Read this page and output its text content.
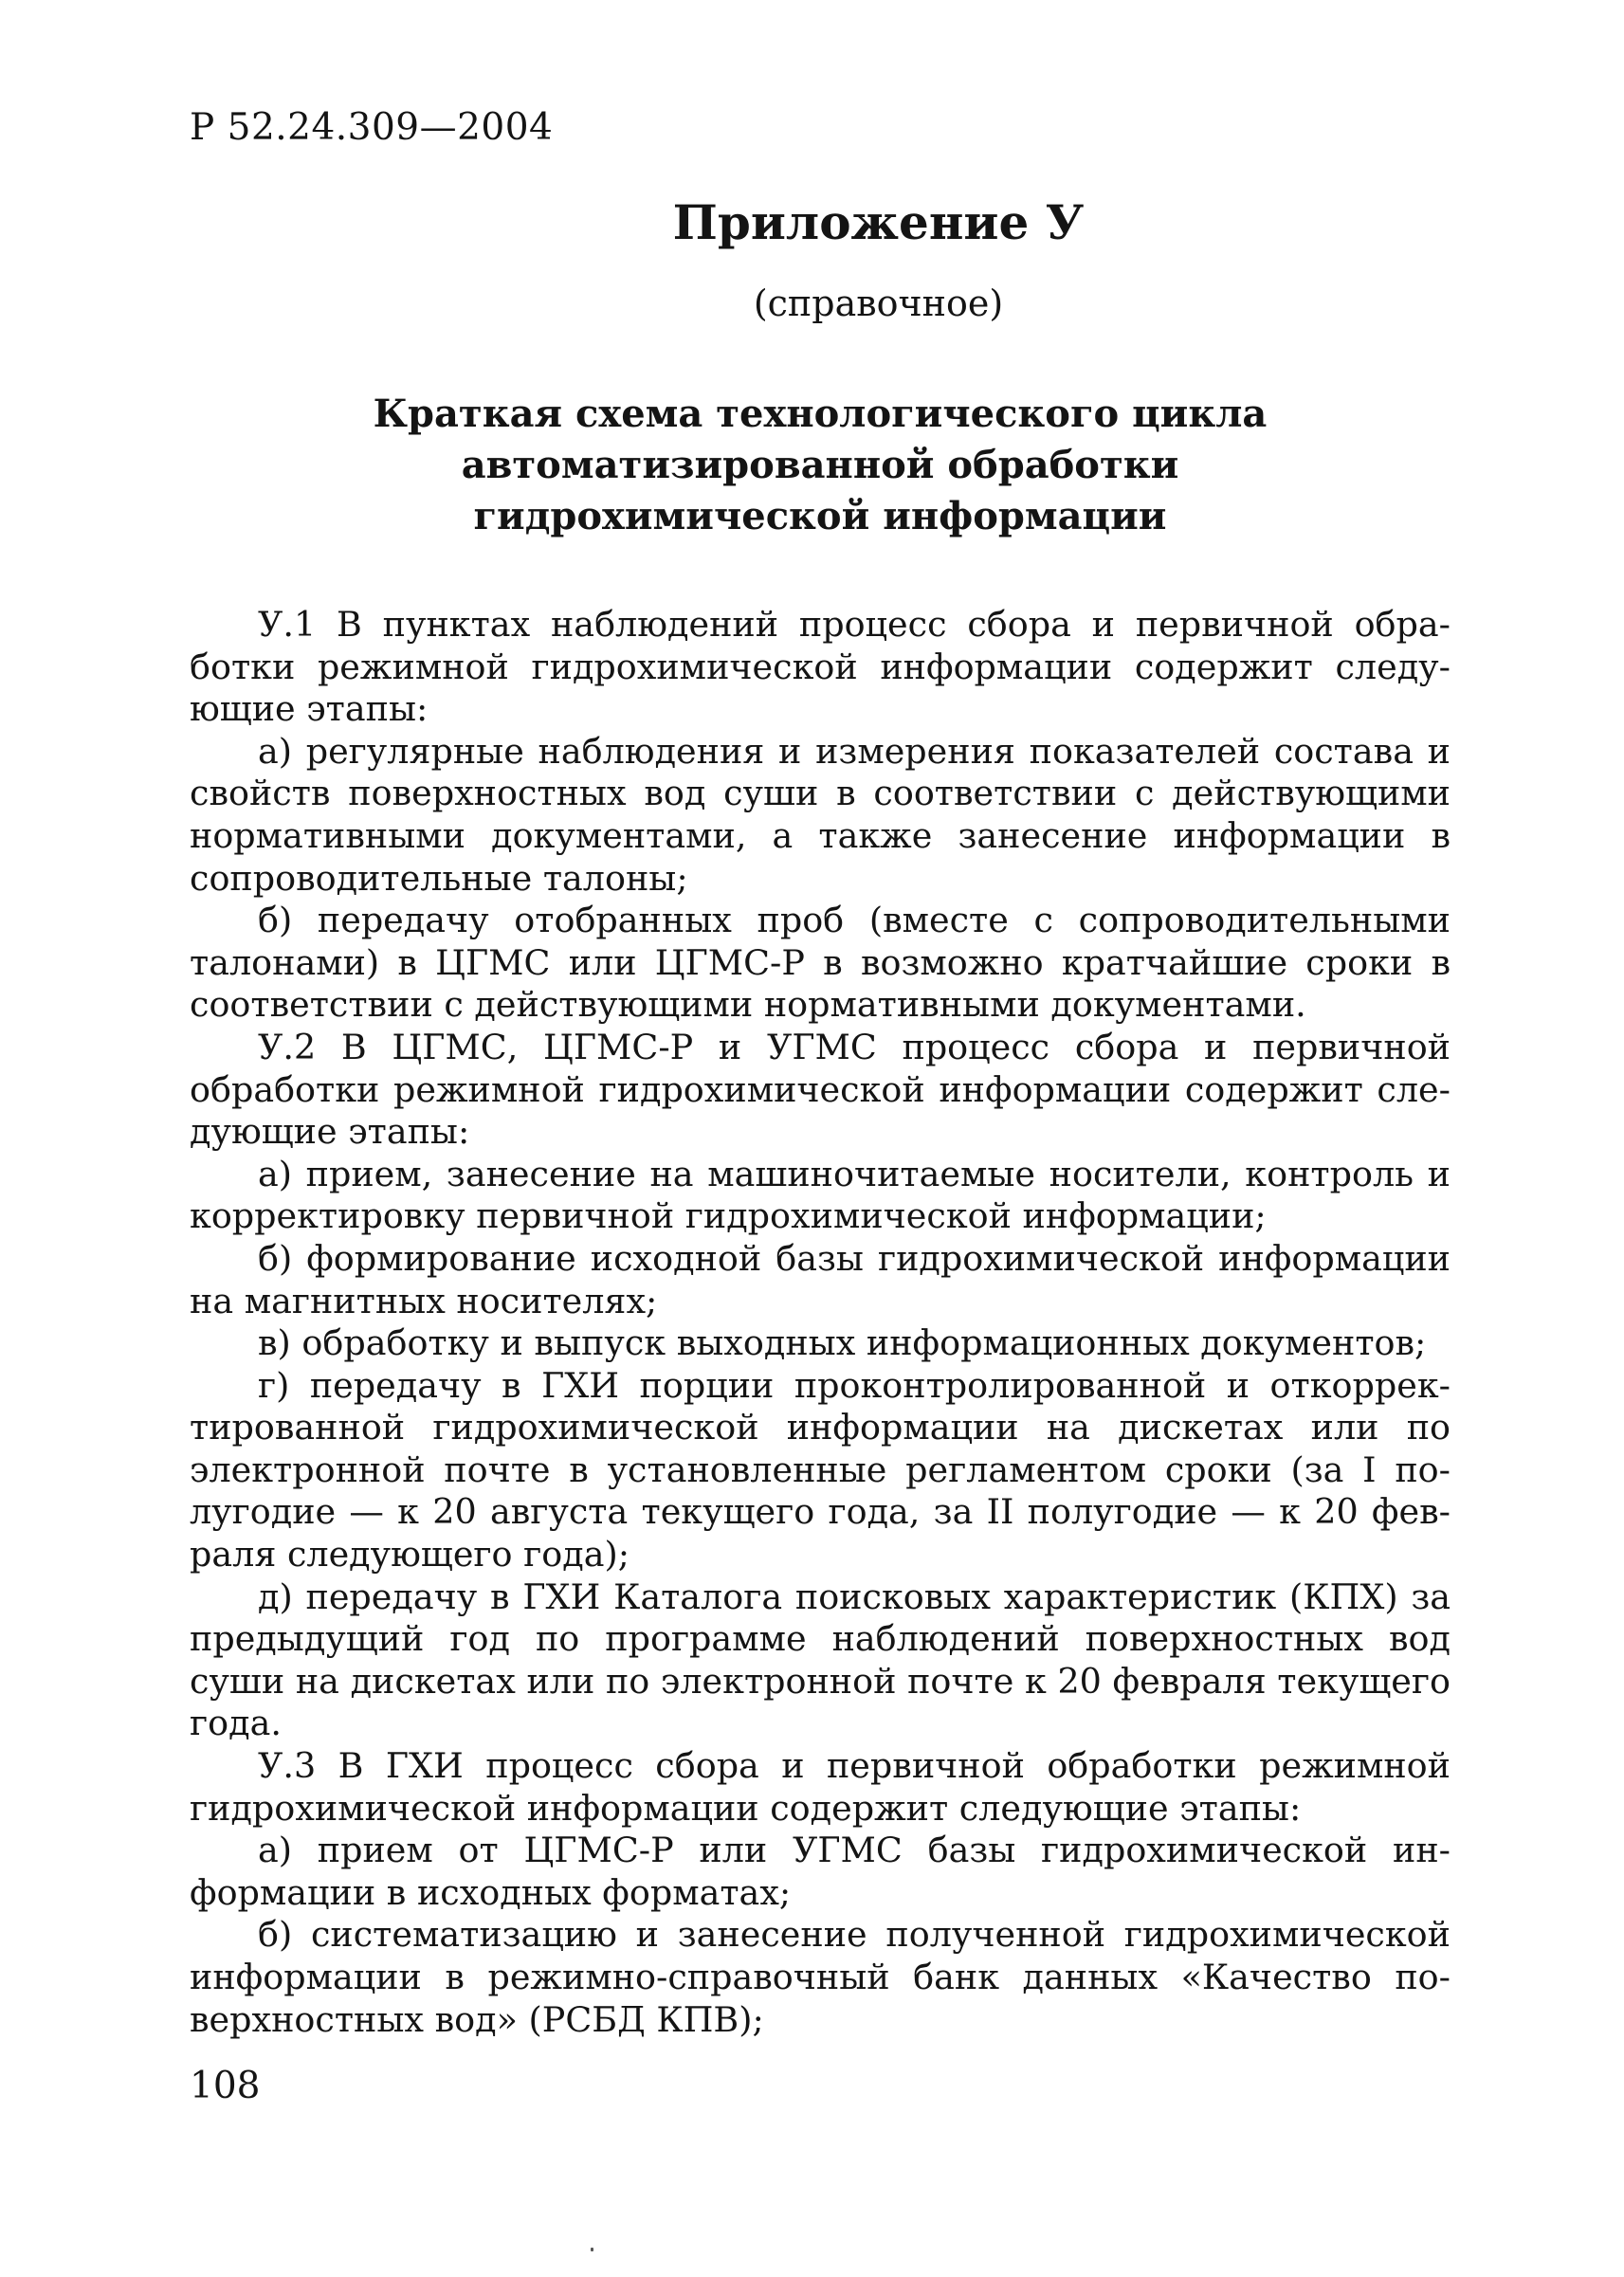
Р 52.24.309—2004

Приложение У

(справочное)

Краткая схема технологического цикла
автоматизированной обработки
гидрохимической информации

У.1 В пунктах наблюдений процесс сбора и первичной обработки режимной гидрохимической информации содержит следующие этапы:

а) регулярные наблюдения и измерения показателей состава и свойств поверхностных вод суши в соответствии с действующими нормативными документами, а также занесение информации в сопроводительные талоны;

б) передачу отобранных проб (вместе с сопроводительными талонами) в ЦГМС или ЦГМС-Р в возможно кратчайшие сроки в соответствии с действующими нормативными документами.

У.2 В ЦГМС, ЦГМС-Р и УГМС процесс сбора и первичной обработки режимной гидрохимической информации содержит следующие этапы:

а) прием, занесение на машиночитаемые носители, контроль и корректировку первичной гидрохимической информации;

б) формирование исходной базы гидрохимической информации на магнитных носителях;

в) обработку и выпуск выходных информационных документов;

г) передачу в ГХИ порции проконтролированной и откорректированной гидрохимической информации на дискетах или по электронной почте в установленные регламентом сроки (за I полугодие — к 20 августа текущего года, за II полугодие — к 20 февраля следующего года);

д) передачу в ГХИ Каталога поисковых характеристик (КПХ) за предыдущий год по программе наблюдений поверхностных вод суши на дискетах или по электронной почте к 20 февраля текущего года.

У.3 В ГХИ процесс сбора и первичной обработки режимной гидрохимической информации содержит следующие этапы:

а) прием от ЦГМС-Р или УГМС базы гидрохимической информации в исходных форматах;

б) систематизацию и занесение полученной гидрохимической информации в режимно-справочный банк данных «Качество поверхностных вод» (РСБД КПВ);

108
